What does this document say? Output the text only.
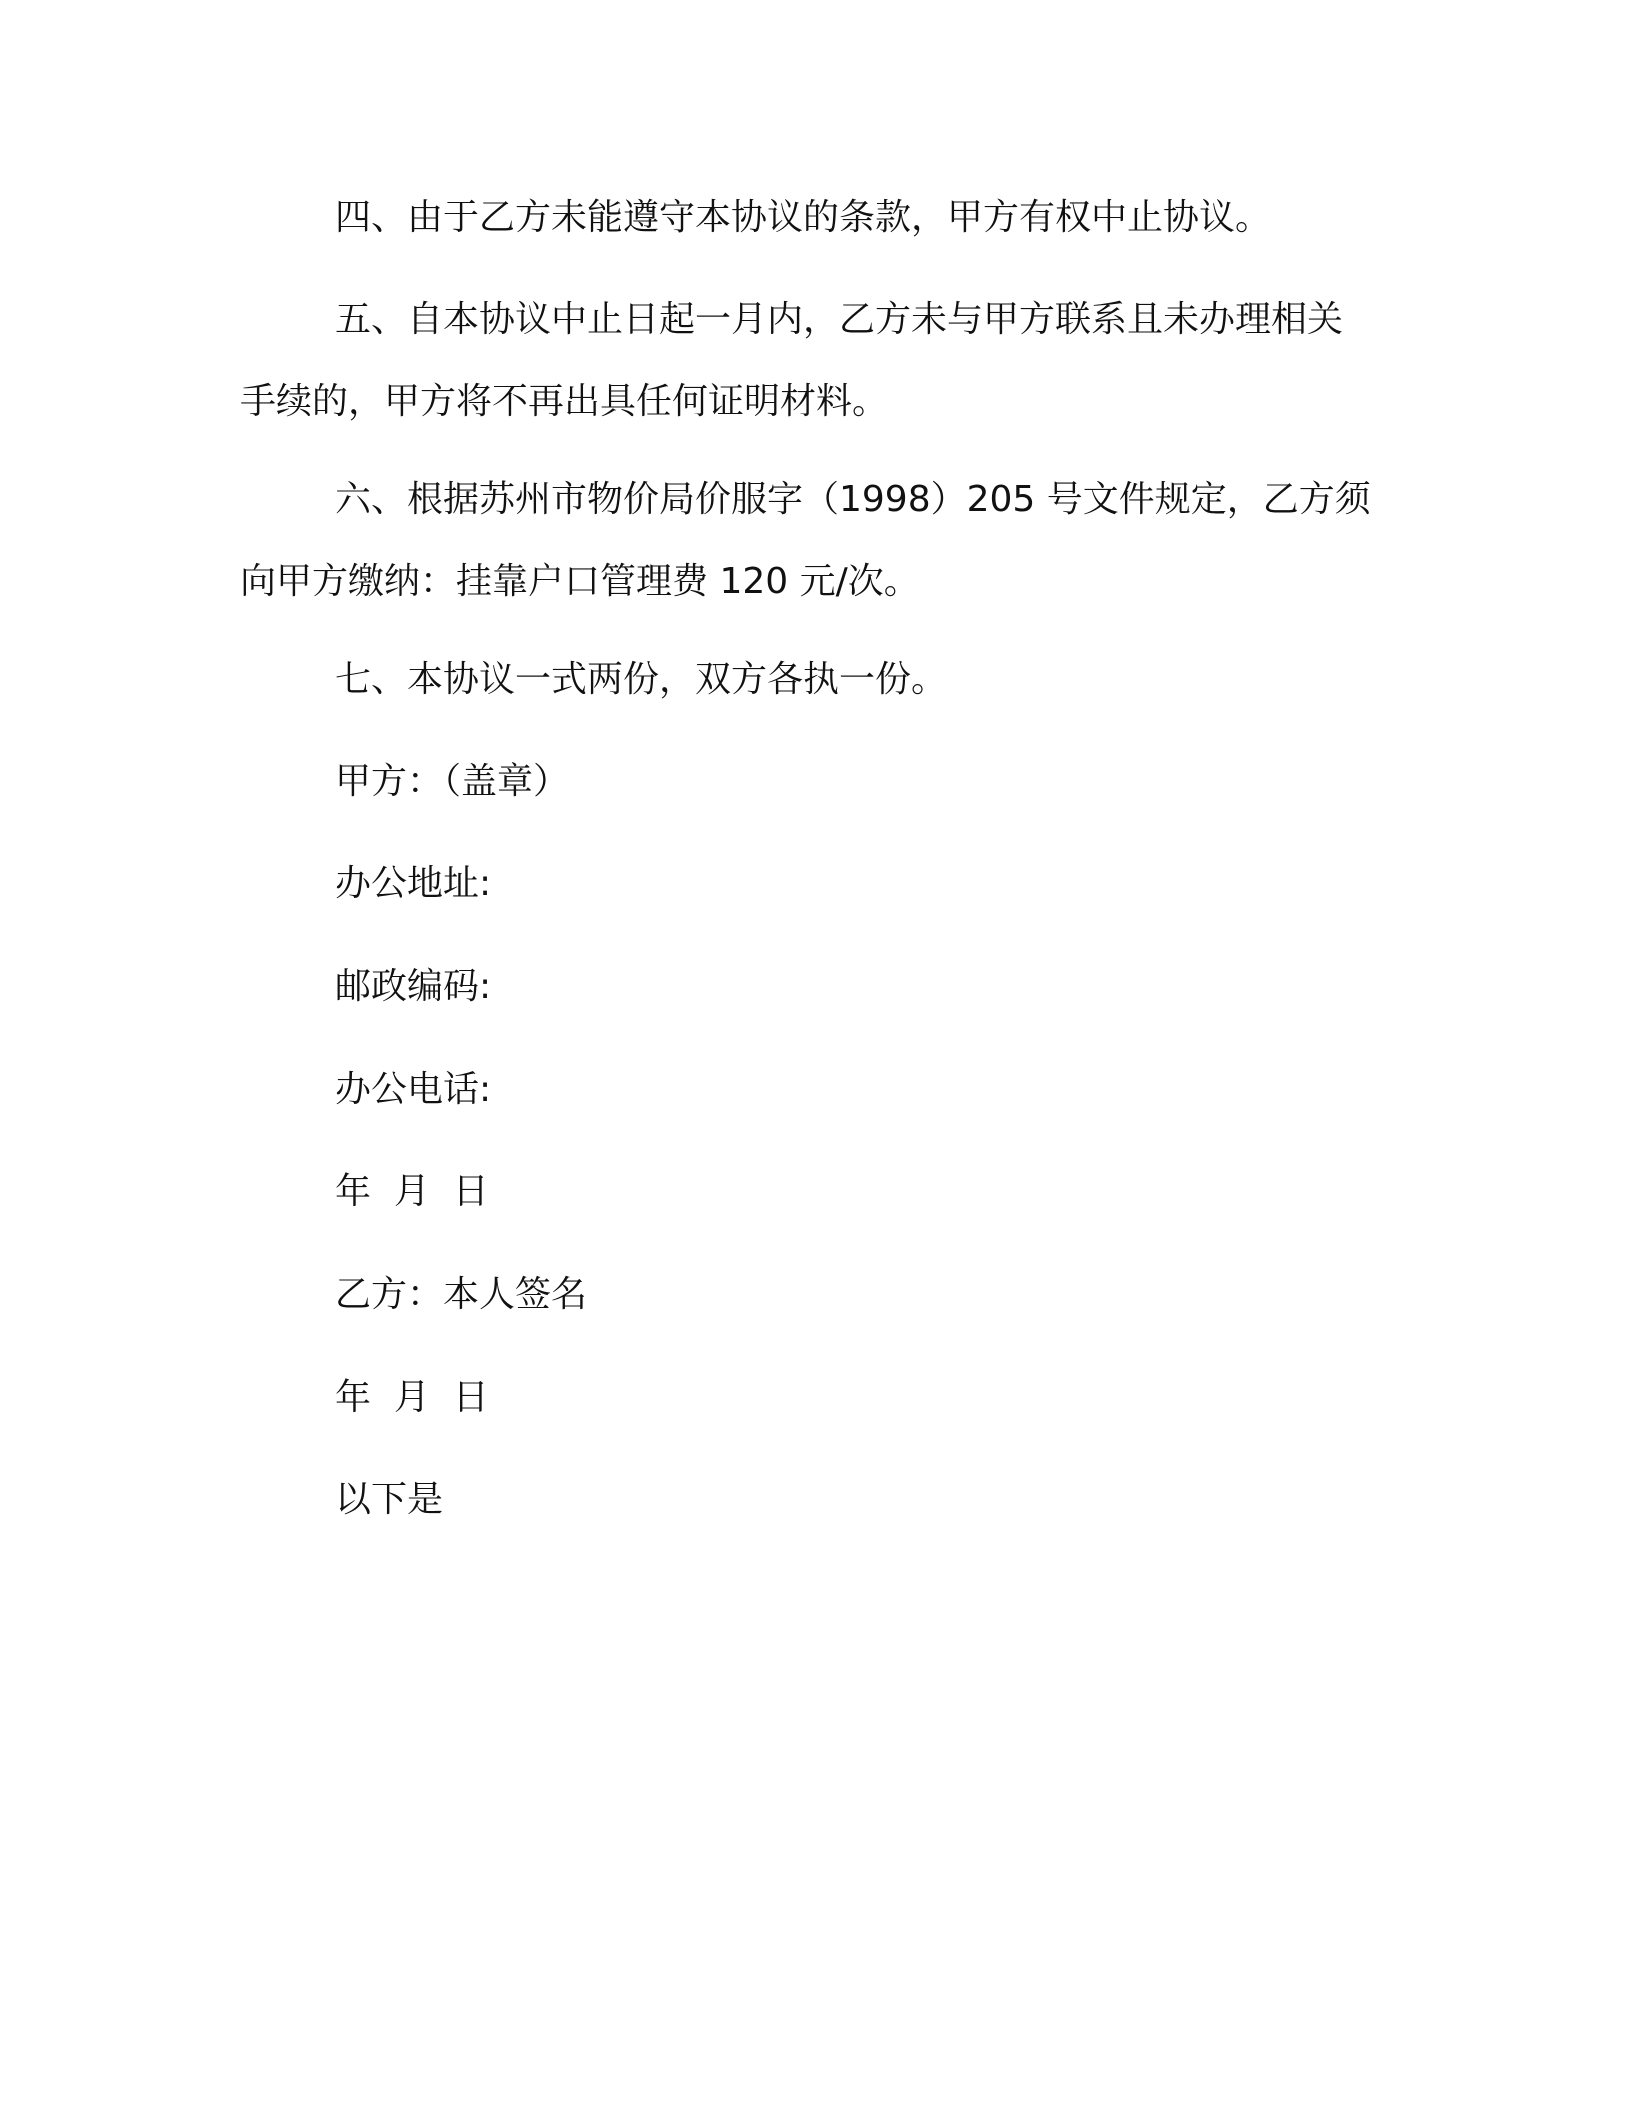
四、由于乙方未能遵守本协议的条款，甲方有权中止协议。

五、自本协议中止日起一月内，乙方未与甲方联系且未办理相关
手续的，甲方将不再出具任何证明材料。
六、根据苏州市物价局价服字（1998）205 号文件规定，乙方须
向甲方缴纳：挂靠户口管理费 120 元/次。

七、本协议一式两份，双方各执一份。

甲方：（盖章）

办公地址:

邮政编码:

办公电话:

年  月  日

乙方：本人签名

年  月  日

以下是
